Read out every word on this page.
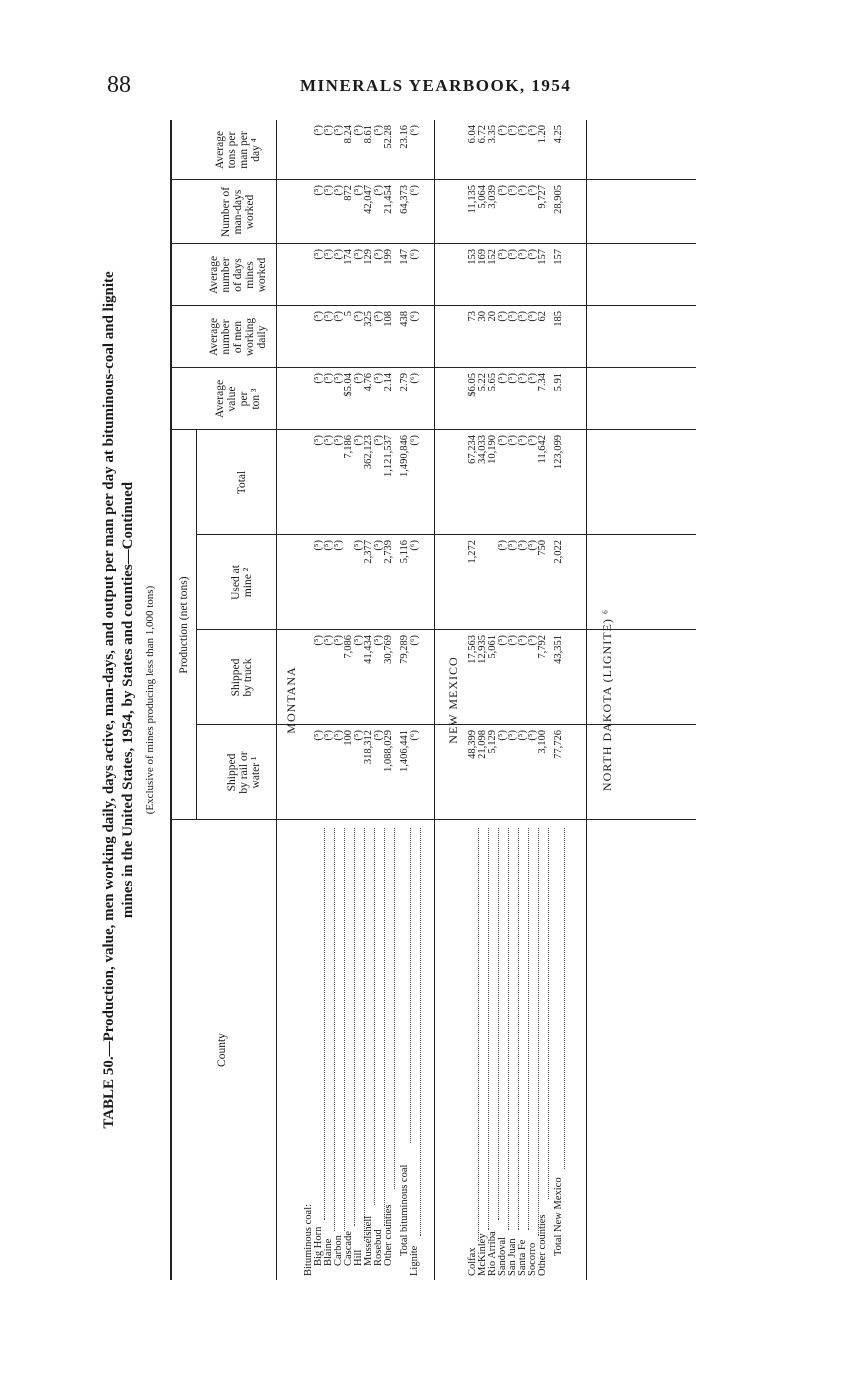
88	MINERALS YEARBOOK, 1954
TABLE 50.—Production, value, men working daily, days active, man-days, and output per man per day at bituminous-coal and lignite mines in the United States, 1954, by States and counties—Continued (Exclusive of mines producing less than 1,000 tons)
County
Production (net tons)
Shipped by rail or water ¹
Shipped by truck
Used at mine ²
Total
Average value per ton ³
Average number of men working daily
Average number of days mines worked
Number of man-days worked
Average tons per man per day ⁴
MONTANA
Bituminous coal: Big Horn
(⁵)
(⁵)
(⁵)
(⁵)
(⁵)
(⁵)
(⁵)
(⁵)
(⁵)
Blaine
(⁵)
(⁵)
(⁵)
(⁵)
(⁵)
(⁵)
(⁵)
(⁵)
(⁵)
Carbon
(⁵)
(⁵)
(⁵)
(⁵)
(⁵)
(⁵)
(⁵)
(⁵)
(⁵)
Cascade
100
7,086
7,186
$5.04
5
174
872
8.24
Hill
(⁵)
(⁵)
(⁵)
(⁵)
(⁵)
(⁵)
(⁵)
(⁵)
(⁵)
Musselshell
318,312
41,434
2,377
362,123
4.76
325
129
42,047
8.61
Rosebud
(⁵)
(⁵)
(⁵)
(⁵)
(⁵)
(⁵)
(⁵)
(⁵)
(⁵)
Other counties
1,088,029
30,769
2,739
1,121,537
2.14
108
199
21,454
52.28
Total bituminous coal
1,406,441
79,289
5,116
1,490,846
2.79
438
147
64,373
23.16
Lignite
(⁶)
(⁶)
(⁶)
(⁶)
(⁶)
(⁶)
(⁶)
(⁶)
(⁶)
NEW MEXICO
Colfax
48,399
17,563
1,272
67,234
$6.05
73
153
11,135
6.04
McKinley
21,098
12,935
34,033
5.22
30
169
5,064
6.72
Rio Arriba
5,129
5,061
10,190
5.65
20
152
3,039
3.35
Sandoval
(⁵)
(⁵)
(⁵)
(⁵)
(⁵)
(⁵)
(⁵)
(⁵)
(⁵)
San Juan
(⁵)
(⁵)
(⁵)
(⁵)
(⁵)
(⁵)
(⁵)
(⁵)
(⁵)
Santa Fe
(⁵)
(⁵)
(⁵)
(⁵)
(⁵)
(⁵)
(⁵)
(⁵)
(⁵)
Socorro
(⁵)
(⁵)
(⁵)
(⁵)
(⁵)
(⁵)
(⁵)
(⁵)
(⁵)
Other counties
3,100
7,792
750
11,642
7.34
62
157
9,727
1.20
Total New Mexico
77,726
43,351
2,022
123,099
5.91
185
157
28,905
4.25
NORTH DAKOTA (LIGNITE) ⁶
